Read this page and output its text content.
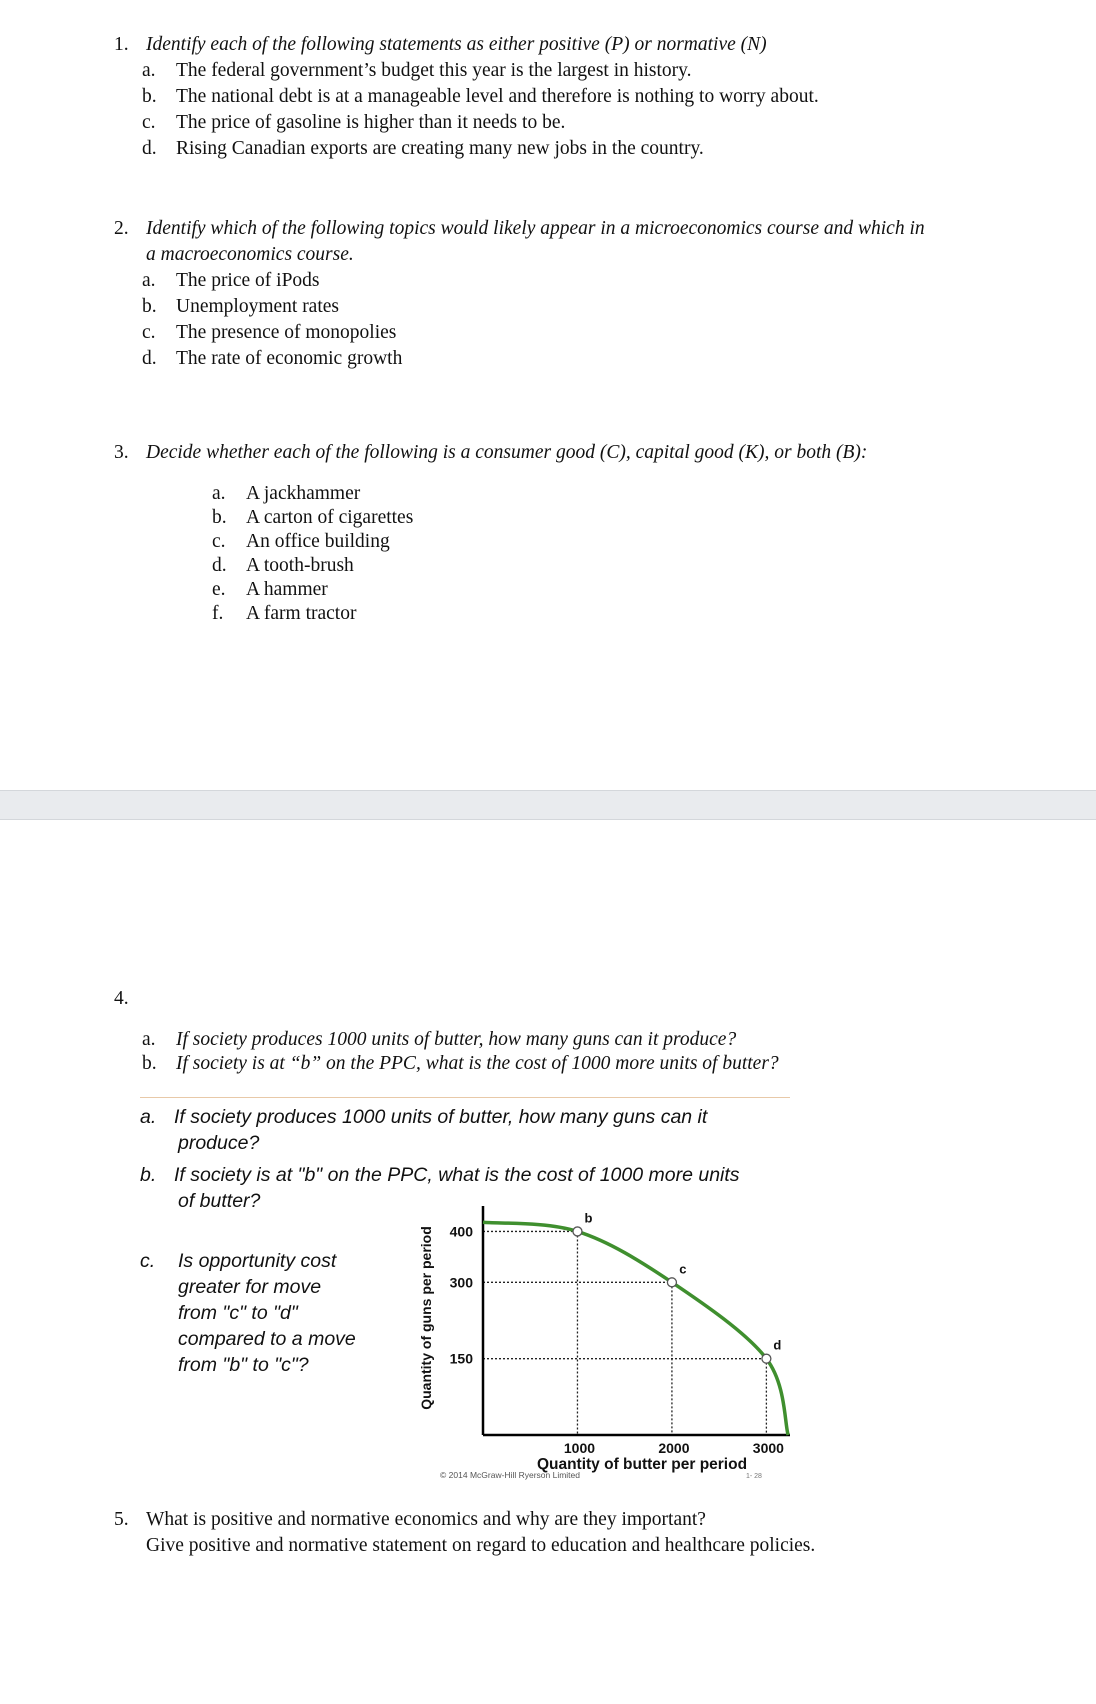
1. Identify each of the following statements as either positive (P) or normative (N)
a. The federal government’s budget this year is the largest in history.
b. The national debt is at a manageable level and therefore is nothing to worry about.
c. The price of gasoline is higher than it needs to be.
d. Rising Canadian exports are creating many new jobs in the country.
2. Identify which of the following topics would likely appear in a microeconomics course and which in
a macroeconomics course.
a. The price of iPods
b. Unemployment rates
c. The presence of monopolies
d. The rate of economic growth
3. Decide whether each of the following is a consumer good (C), capital good (K), or both (B):
a. A jackhammer
b. A carton of cigarettes
c. An office building
d. A tooth-brush
e. A hammer
f. A farm tractor
4.
a. If society produces 1000 units of butter, how many guns can it produce?
b. If society is at “b” on the PPC, what is the cost of 1000 more units of butter?
a. If society produces 1000 units of butter, how many guns can it
produce?
b. If society is at "b" on the PPC, what is the cost of 1000 more units
of butter?
c. Is opportunity cost
greater for move
from "c" to "d"
compared to a move
from "b" to "c"?
b
c
d
150
300
400
1000	2000	3000
Quantity of guns per period
Quantity of butter per period
© 2014 McGraw-Hill Ryerson Limited	1- 28
5. What is positive and normative economics and why are they important?
Give positive and normative statement on regard to education and healthcare policies.
